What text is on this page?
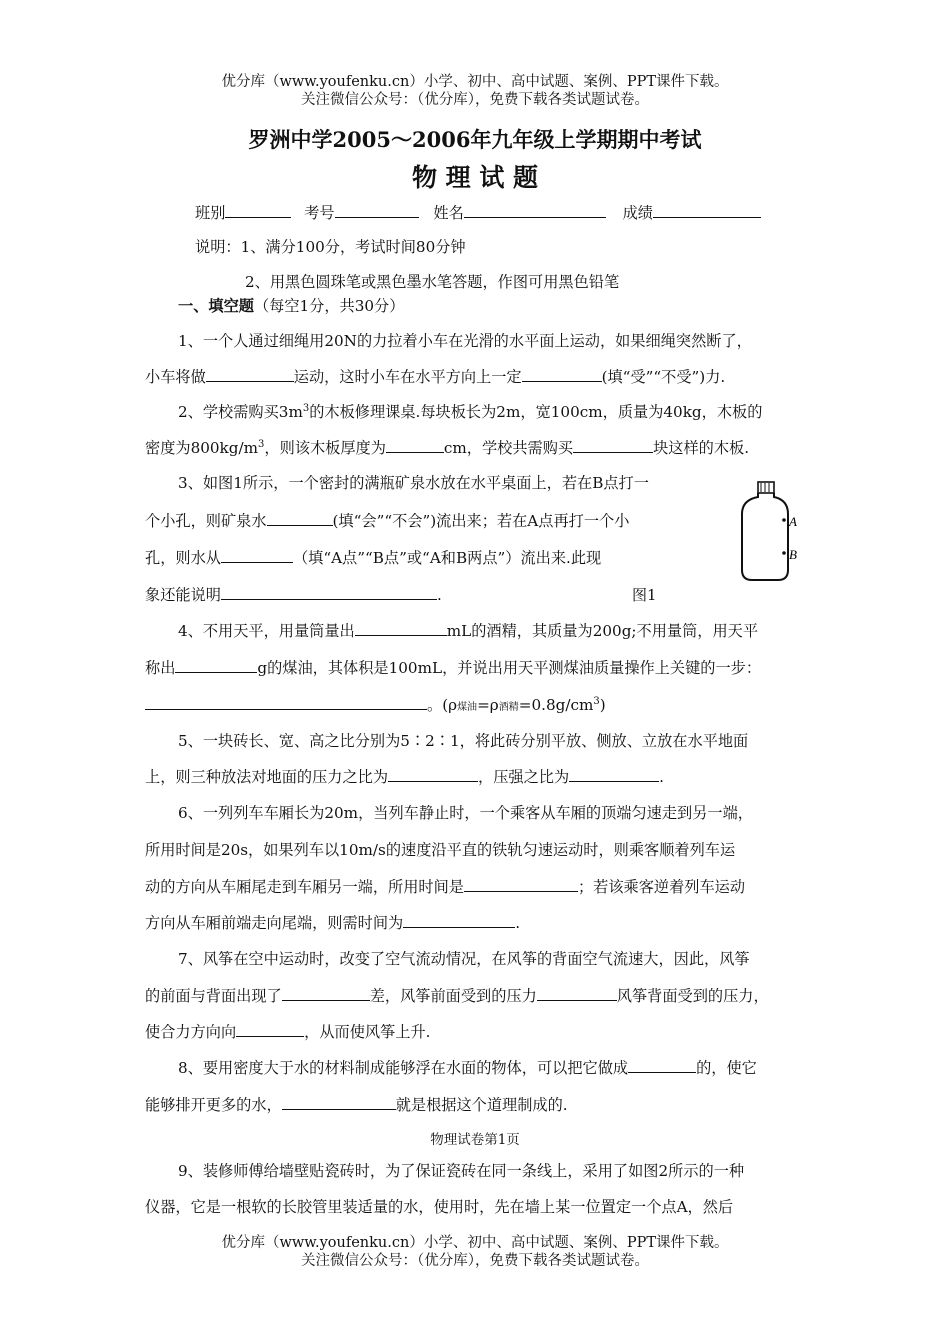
优分库（www.youfenku.cn）小学、初中、高中试题、案例、PPT课件下载。
关注微信公众号：（优分库），免费下载各类试题试卷。
罗洲中学2005～2006年九年级上学期期中考试
物 理 试 题
班别	考号	姓名	成绩
说明：1、满分100分，考试时间80分钟
2、用黑色圆珠笔或黑色墨水笔答题，作图可用黑色铅笔
一、填空题（每空1分，共30分）
1、一个人通过细绳用20N的力拉着小车在光滑的水平面上运动，如果细绳突然断了，
小车将做	运动，这时小车在水平方向上一定	(填“受”“不受”)力.
2、学校需购买$3m^3$的木板修理课桌.每块板长为2m，宽100cm，质量为40kg，木板的
密度为$800kg/m^3$，则该木板厚度为	cm，学校共需购买	块这样的木板.
3、如图1所示，一个密封的满瓶矿泉水放在水平桌面上，若在B点打一
个小孔，则矿泉水	(填“会”“不会”)流出来；若在A点再打一个小
孔，则水从	（填“A点”“B点”或“A和B两点”）流出来.此现
象还能说明	.
A
B
图1
4、不用天平，用量筒量出	mL的酒精，其质量为200g;不用量筒，用天平
称出	g的煤油，其体积是100mL，并说出用天平测煤油质量操作上关键的一步：
。(ρ煤油=ρ酒精$=0.8g/cm^3$)
5、一块砖长、宽、高之比分别为5∶2∶1，将此砖分别平放、侧放、立放在水平地面
上，则三种放法对地面的压力之比为	，压强之比为	.
6、一列列车车厢长为20m，当列车静止时，一个乘客从车厢的顶端匀速走到另一端，
所用时间是20s，如果列车以10m/s的速度沿平直的铁轨匀速运动时，则乘客顺着列车运
动的方向从车厢尾走到车厢另一端，所用时间是	；若该乘客逆着列车运动
方向从车厢前端走向尾端，则需时间为	.
7、风筝在空中运动时，改变了空气流动情况，在风筝的背面空气流速大，因此，风筝
的前面与背面出现了	差，风筝前面受到的压力	风筝背面受到的压力，
使合力方向向	，从而使风筝上升.
8、要用密度大于水的材料制成能够浮在水面的物体，可以把它做成	的，使它
能够排开更多的水，	就是根据这个道理制成的.
物理试卷第1页
9、装修师傅给墙壁贴瓷砖时，为了保证瓷砖在同一条线上，采用了如图2所示的一种
仪器，它是一根软的长胶管里装适量的水，使用时，先在墙上某一位置定一个点A，然后
优分库（www.youfenku.cn）小学、初中、高中试题、案例、PPT课件下载。
关注微信公众号：（优分库），免费下载各类试题试卷。
